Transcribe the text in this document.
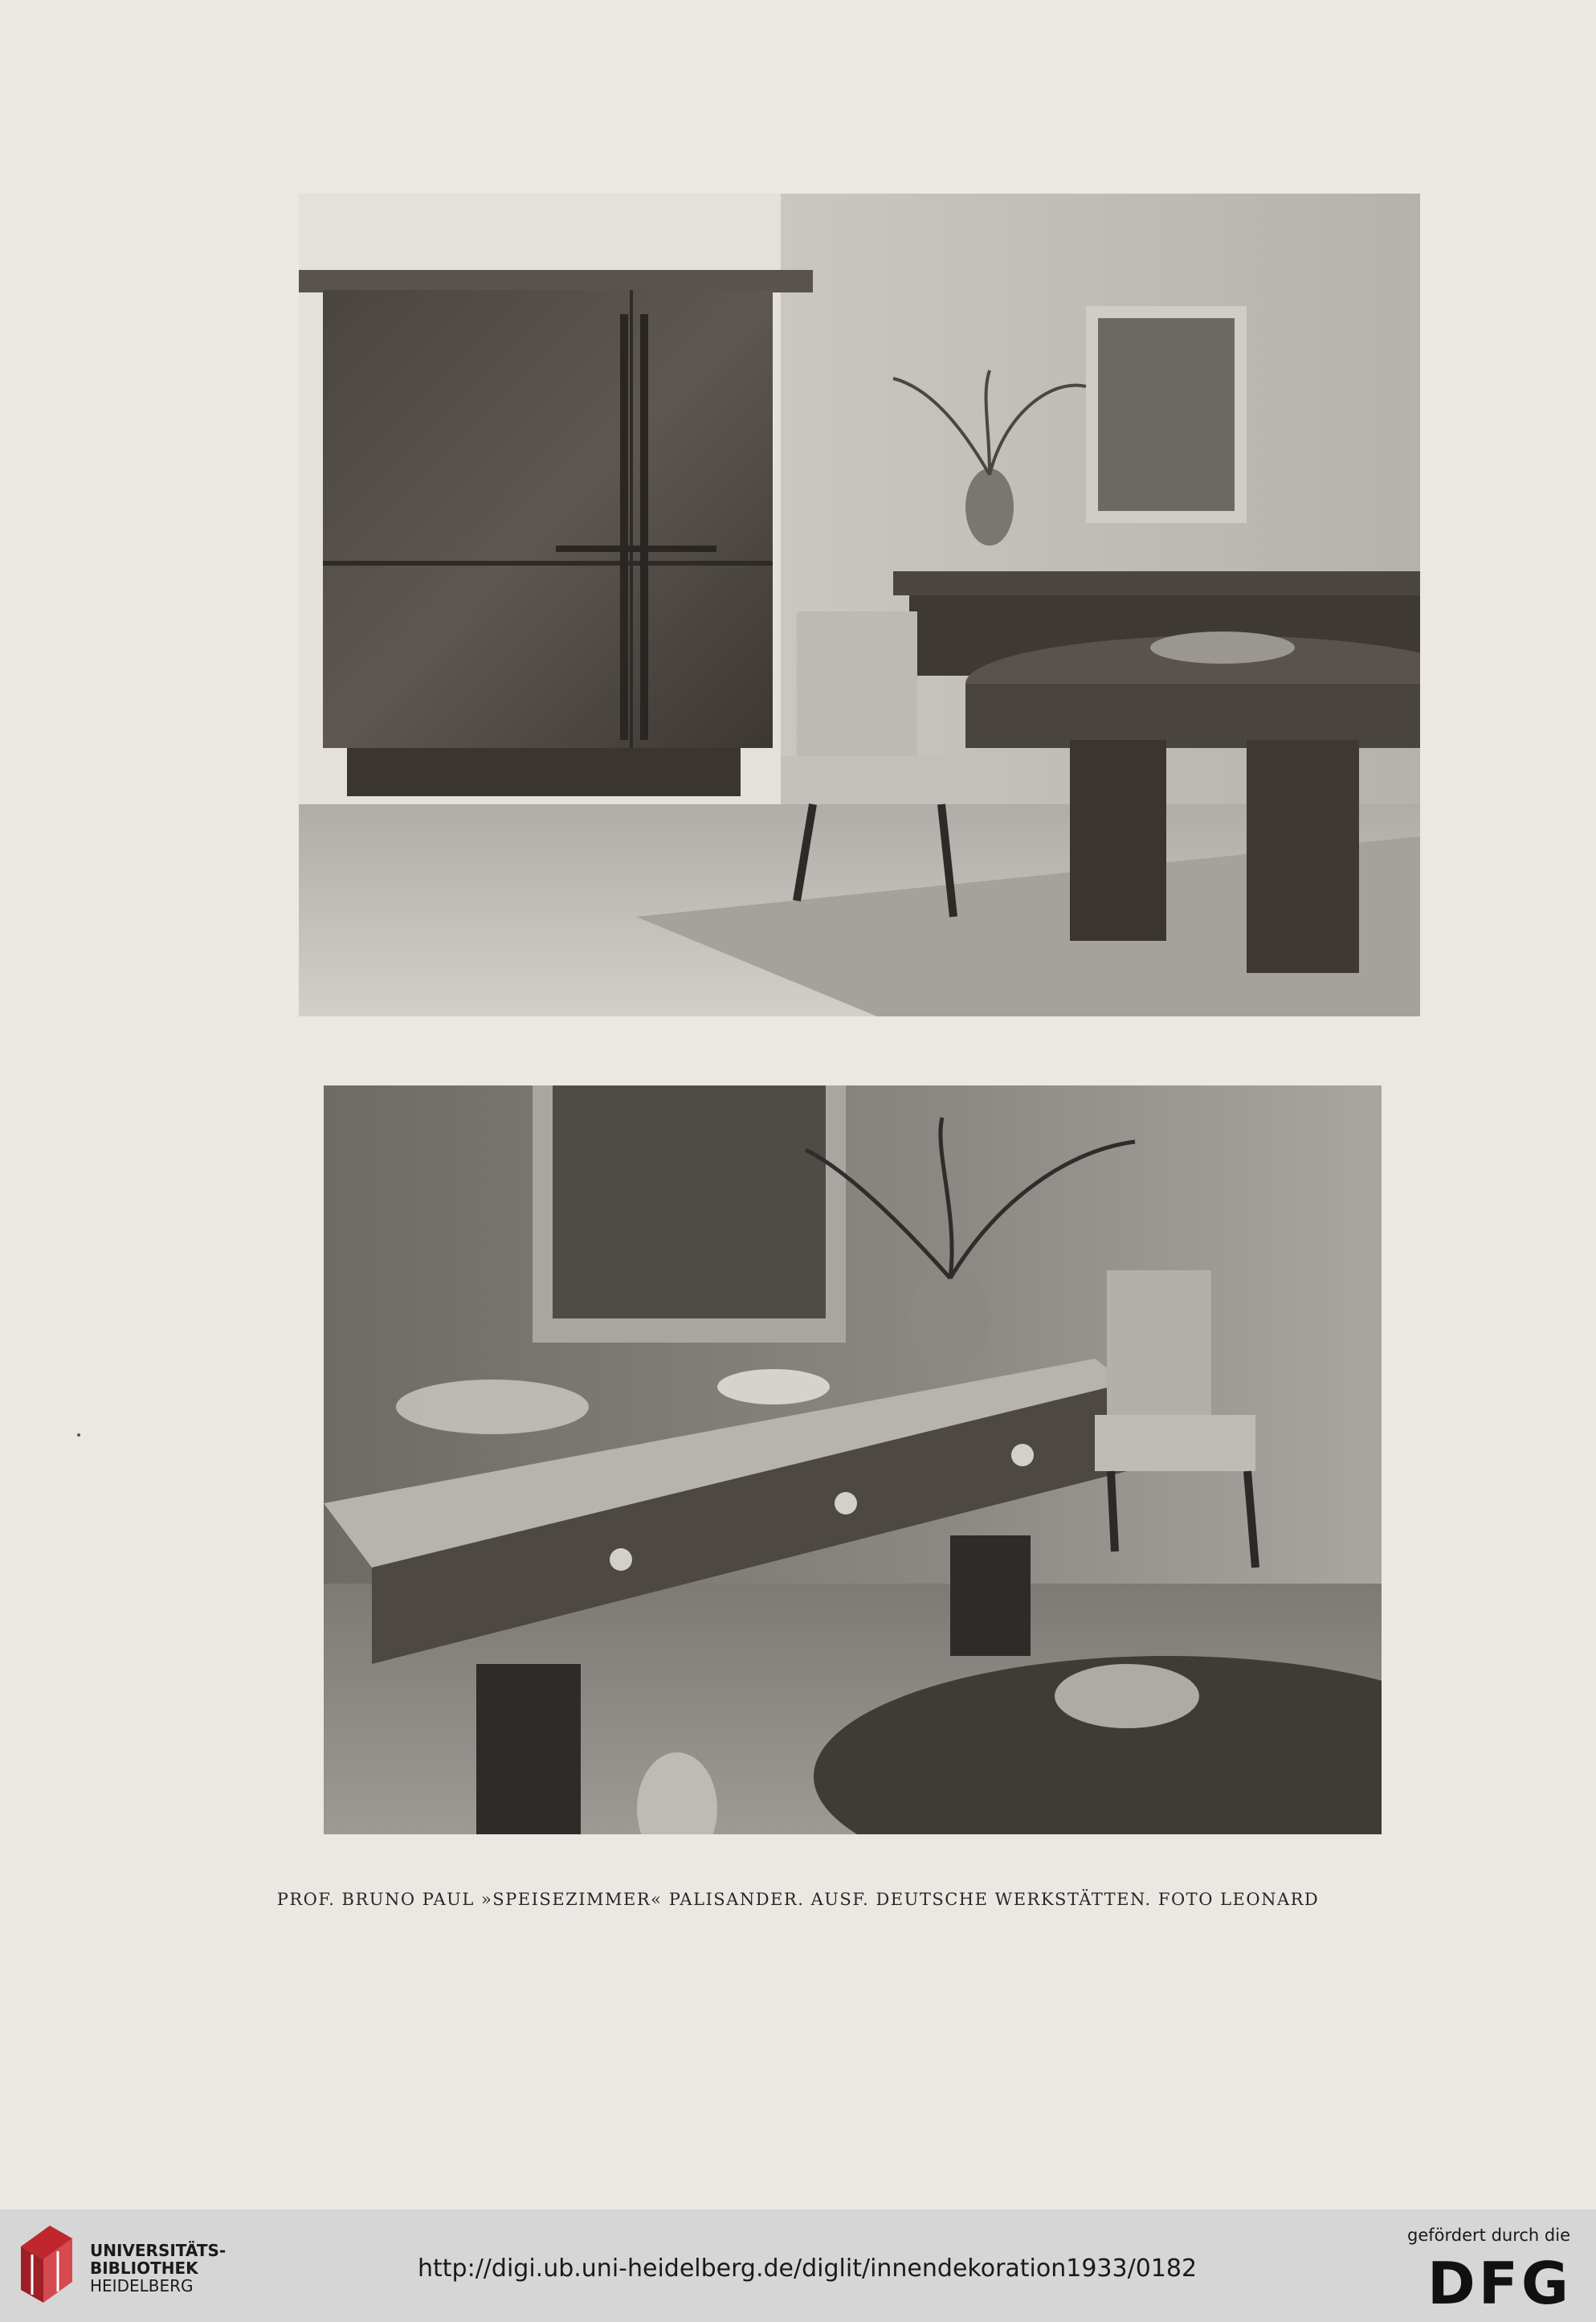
PROF. BRUNO PAUL »SPEISEZIMMER« PALISANDER. AUSF. DEUTSCHE WERKSTÄTTEN. FOTO LEONARD
UNIVERSITÄTS-
BIBLIOTHEK
HEIDELBERG
http://digi.ub.uni-heidelberg.de/diglit/innendekoration1933/0182
gefördert durch die
DFG
